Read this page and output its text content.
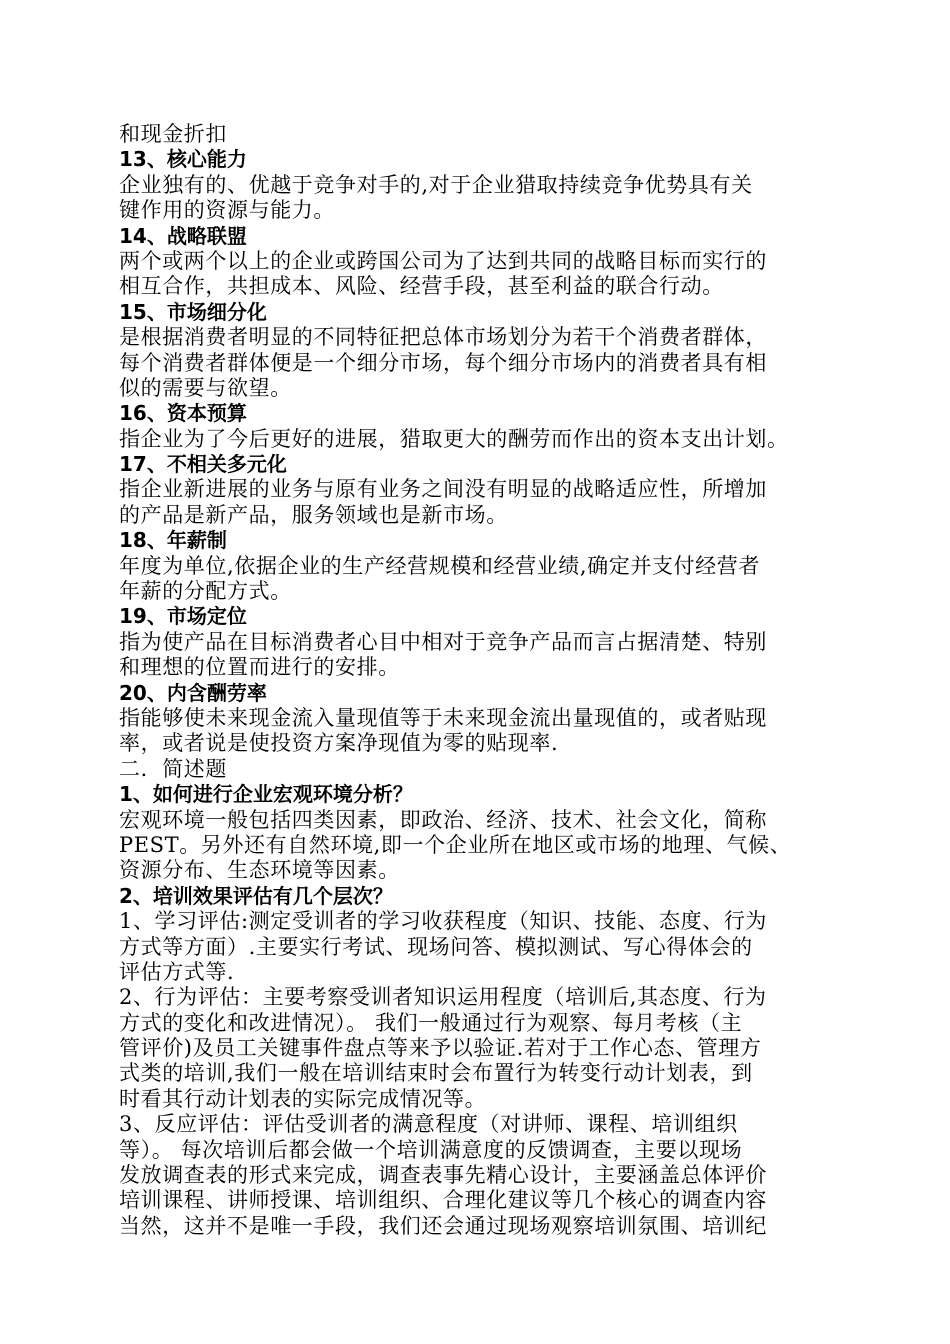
和现金折扣
13、核心能力
企业独有的、优越于竞争对手的,对于企业猎取持续竞争优势具有关
键作用的资源与能力。
14、战略联盟
两个或两个以上的企业或跨国公司为了达到共同的战略目标而实行的
相互合作，共担成本、风险、经营手段，甚至利益的联合行动。
15、市场细分化
是根据消费者明显的不同特征把总体市场划分为若干个消费者群体，
每个消费者群体便是一个细分市场，每个细分市场内的消费者具有相
似的需要与欲望。
16、资本预算
指企业为了今后更好的进展，猎取更大的酬劳而作出的资本支出计划。
17、不相关多元化
指企业新进展的业务与原有业务之间没有明显的战略适应性，所增加
的产品是新产品，服务领域也是新市场。
18、年薪制
年度为单位,依据企业的生产经营规模和经营业绩,确定并支付经营者
年薪的分配方式。
19、市场定位
指为使产品在目标消费者心目中相对于竞争产品而言占据清楚、特别
和理想的位置而进行的安排。
20、内含酬劳率
指能够使未来现金流入量现值等于未来现金流出量现值的，或者贴现
率，或者说是使投资方案净现值为零的贴现率.
二．简述题
1、如何进行企业宏观环境分析？
宏观环境一般包括四类因素，即政治、经济、技术、社会文化，简称
PEST。另外还有自然环境,即一个企业所在地区或市场的地理、气候、
资源分布、生态环境等因素。
2、培训效果评估有几个层次？
1、学习评估:测定受训者的学习收获程度（知识、技能、态度、行为
方式等方面）.主要实行考试、现场问答、模拟测试、写心得体会的
评估方式等.
2、行为评估：主要考察受训者知识运用程度（培训后,其态度、行为
方式的变化和改进情况）。 我们一般通过行为观察、每月考核（主
管评价)及员工关键事件盘点等来予以验证.若对于工作心态、管理方
式类的培训,我们一般在培训结束时会布置行为转变行动计划表，到
时看其行动计划表的实际完成情况等。
3、反应评估：评估受训者的满意程度（对讲师、课程、培训组织
等）。 每次培训后都会做一个培训满意度的反馈调查，主要以现场
发放调查表的形式来完成，调查表事先精心设计，主要涵盖总体评价
培训课程、讲师授课、培训组织、合理化建议等几个核心的调查内容
当然，这并不是唯一手段，我们还会通过现场观察培训氛围、培训纪
